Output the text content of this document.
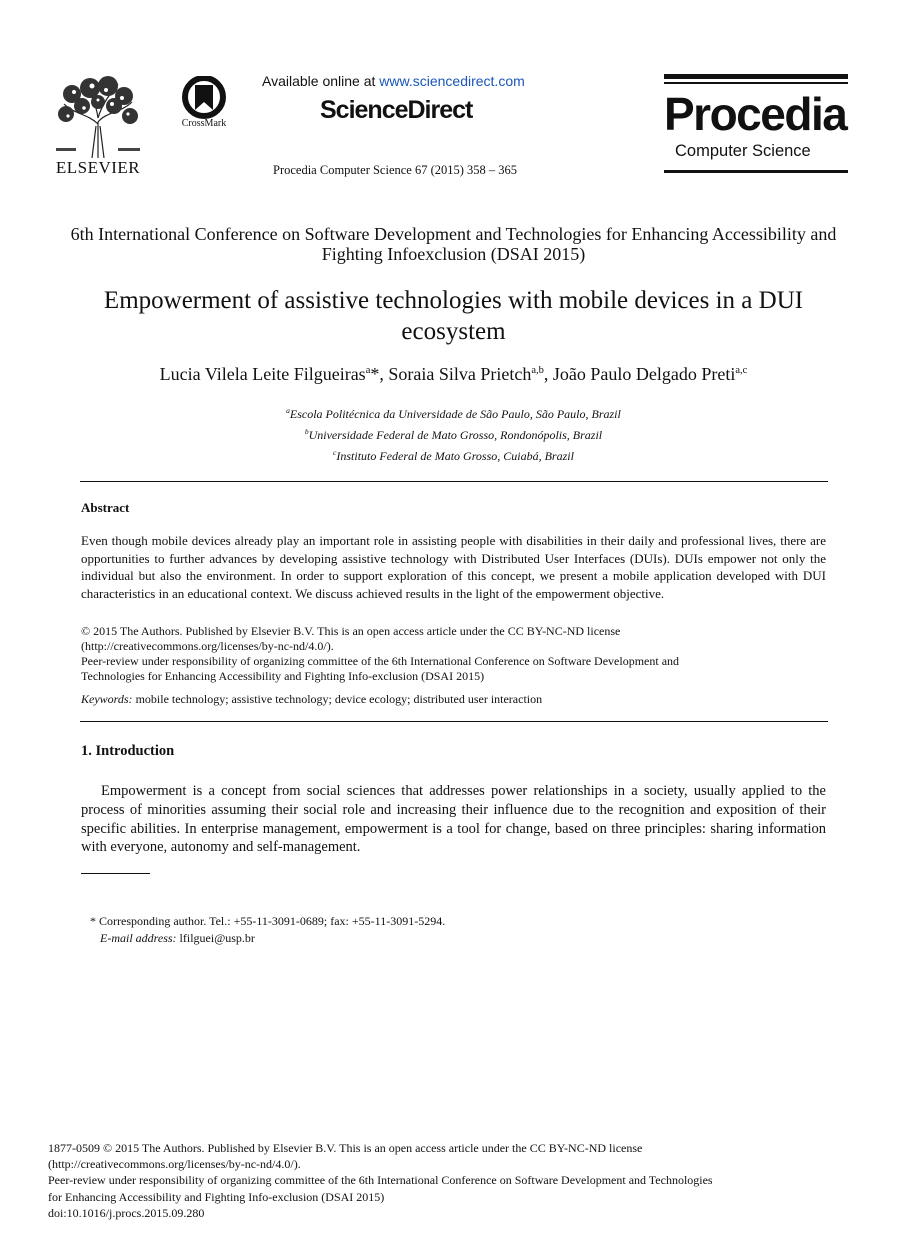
ELSEVIER
CrossMark
Available online at www.sciencedirect.com
ScienceDirect
Procedia Computer Science 67 (2015) 358 – 365
Procedia
Computer Science
6th International Conference on Software Development and Technologies for Enhancing Accessibility and Fighting Infoexclusion (DSAI 2015)
Empowerment of assistive technologies with mobile devices in a DUI ecosystem
Lucia Vilela Leite Filgueiras$^a$*, Soraia Silva Prietch$^{a,b}$, João Paulo Delgado Preti$^{a,c}$
$^a$Escola Politécnica da Universidade de São Paulo, São Paulo, Brazil
$^b$Universidade Federal de Mato Grosso, Rondonópolis, Brazil
$^c$Instituto Federal de Mato Grosso, Cuiabá, Brazil
Abstract
Even though mobile devices already play an important role in assisting people with disabilities in their daily and professional lives, there are opportunities to further advances by developing assistive technology with Distributed User Interfaces (DUIs). DUIs empower not only the individual but also the environment. In order to support exploration of this concept, we present a mobile application developed with DUI characteristics in an educational context. We discuss achieved results in the light of the empowerment objective.
© 2015 The Authors. Published by Elsevier B.V. This is an open access article under the CC BY-NC-ND license
(http://creativecommons.org/licenses/by-nc-nd/4.0/).
Peer-review under responsibility of organizing committee of the 6th International Conference on Software Development and
Technologies for Enhancing Accessibility and Fighting Info-exclusion (DSAI 2015)
Keywords: mobile technology; assistive technology; device ecology; distributed user interaction
1. Introduction
Empowerment is a concept from social sciences that addresses power relationships in a society, usually applied to the process of minorities assuming their social role and increasing their influence due to the recognition and exposition of their specific abilities. In enterprise management, empowerment is a tool for change, based on three principles: sharing information with everyone, autonomy and self-management.
* Corresponding author. Tel.: +55-11-3091-0689; fax: +55-11-3091-5294.
E-mail address: lfilguei@usp.br
1877-0509 © 2015 The Authors. Published by Elsevier B.V. This is an open access article under the CC BY-NC-ND license
(http://creativecommons.org/licenses/by-nc-nd/4.0/).
Peer-review under responsibility of organizing committee of the 6th International Conference on Software Development and Technologies
for Enhancing Accessibility and Fighting Info-exclusion (DSAI 2015)
doi:10.1016/j.procs.2015.09.280
